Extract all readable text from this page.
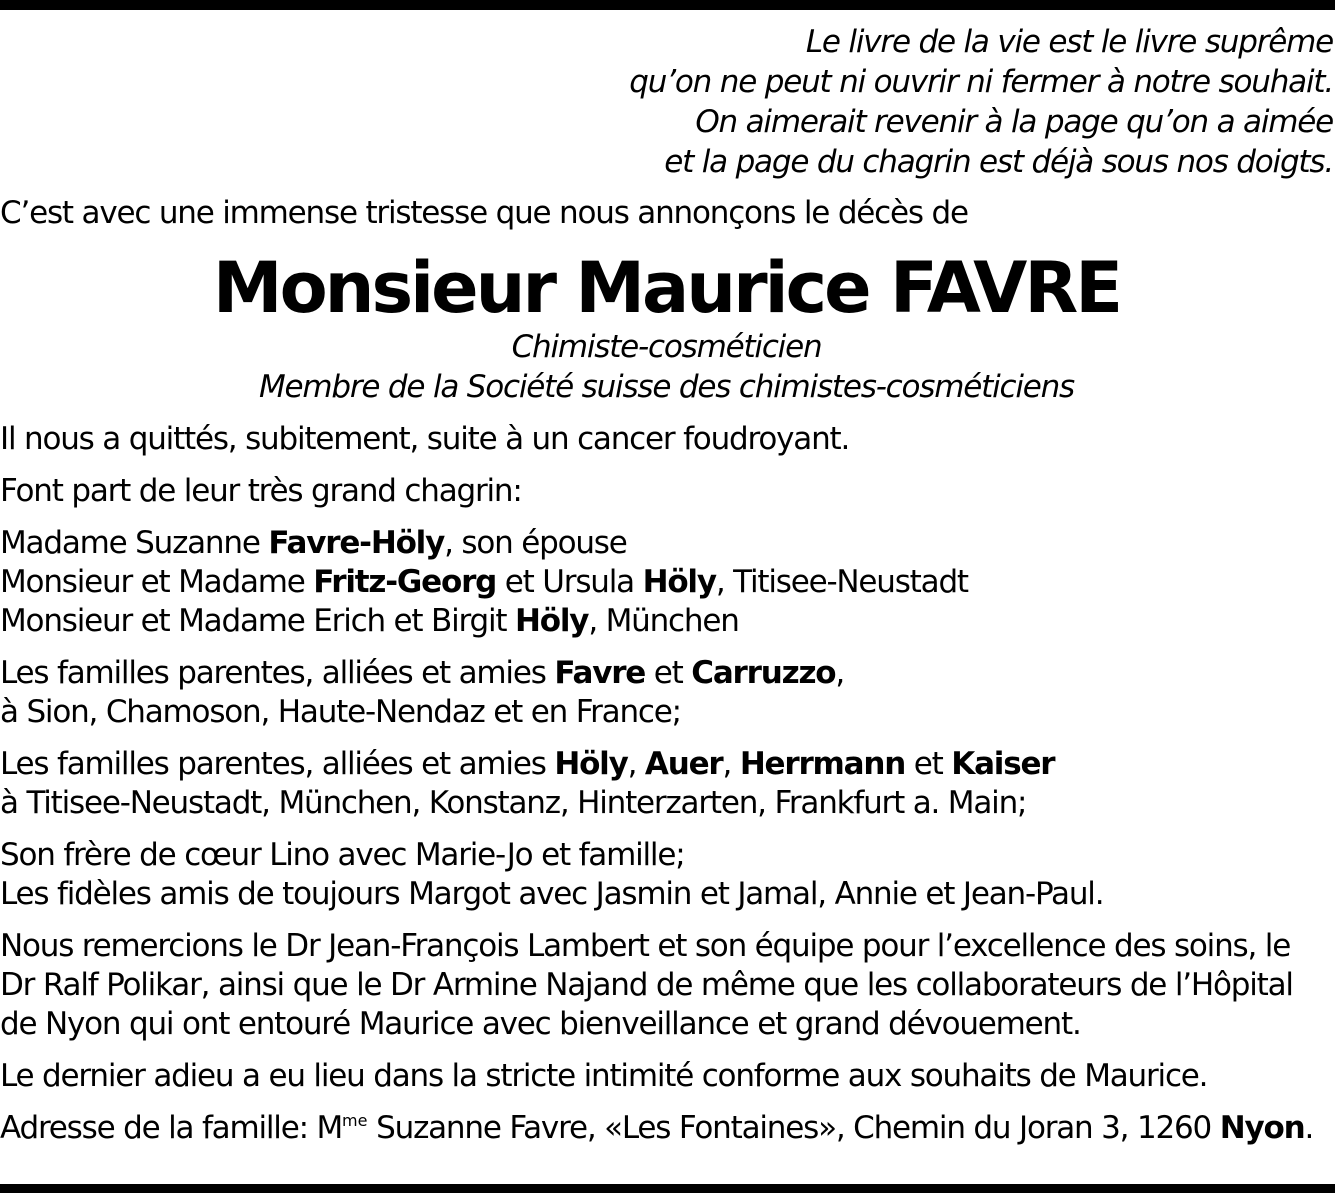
Le livre de la vie est le livre suprême
qu’on ne peut ni ouvrir ni fermer à notre souhait.
On aimerait revenir à la page qu’on a aimée
et la page du chagrin est déjà sous nos doigts.

C’est avec une immense tristesse que nous annonçons le décès de

Monsieur Maurice FAVRE
Chimiste-cosméticien
Membre de la Société suisse des chimistes-cosméticiens

Il nous a quittés, subitement, suite à un cancer foudroyant.

Font part de leur très grand chagrin:

Madame Suzanne Favre-Höly, son épouse
Monsieur et Madame Fritz-Georg et Ursula Höly, Titisee-Neustadt
Monsieur et Madame Erich et Birgit Höly, München
Les familles parentes, alliées et amies Favre et Carruzzo,
à Sion, Chamoson, Haute-Nendaz et en France;
Les familles parentes, alliées et amies Höly, Auer, Herrmann et Kaiser
à Titisee-Neustadt, München, Konstanz, Hinterzarten, Frankfurt a. Main;
Son frère de cœur Lino avec Marie-Jo et famille;
Les fidèles amis de toujours Margot avec Jasmin et Jamal, Annie et Jean-Paul.
Nous remercions le Dr Jean-François Lambert et son équipe pour l’excellence des soins, le
Dr Ralf Polikar, ainsi que le Dr Armine Najand de même que les collaborateurs de l’Hôpital
de Nyon qui ont entouré Maurice avec bienveillance et grand dévouement.

Le dernier adieu a eu lieu dans la stricte intimité conforme aux souhaits de Maurice.

Adresse de la famille: $M^{me}$ Suzanne Favre, «Les Fontaines», Chemin du Joran 3, 1260 Nyon.
